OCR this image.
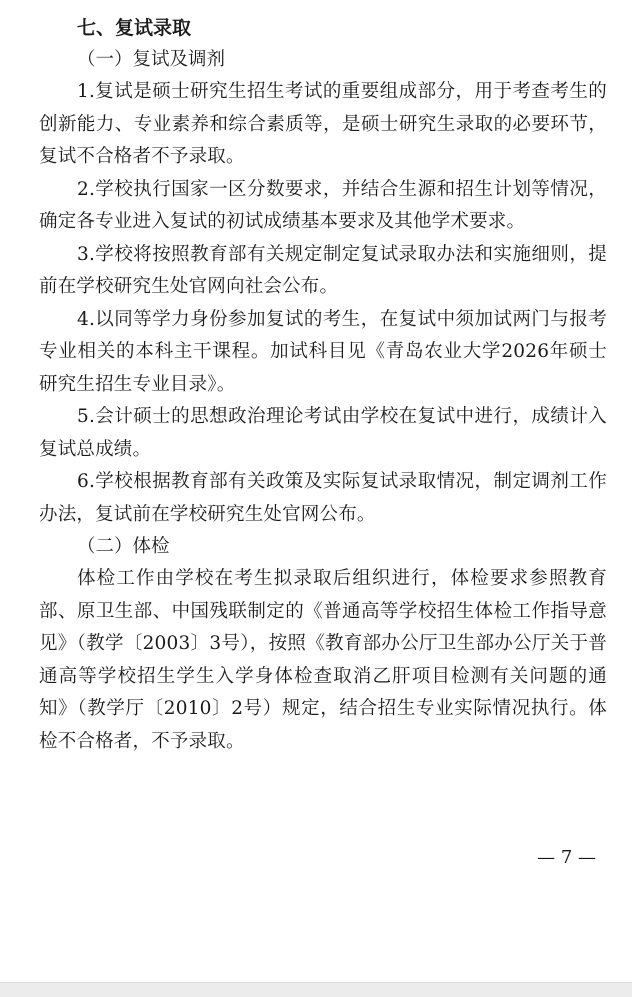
七、复试录取
（一）复试及调剂

1.复试是硕士研究生招生考试的重要组成部分，用于考查考生的创新能力、专业素养和综合素质等，是硕士研究生录取的必要环节，复试不合格者不予录取。

2.学校执行国家一区分数要求，并结合生源和招生计划等情况，确定各专业进入复试的初试成绩基本要求及其他学术要求。

3.学校将按照教育部有关规定制定复试录取办法和实施细则，提前在学校研究生处官网向社会公布。

4.以同等学力身份参加复试的考生，在复试中须加试两门与报考专业相关的本科主干课程。加试科目见《青岛农业大学2026年硕士研究生招生专业目录》。

5.会计硕士的思想政治理论考试由学校在复试中进行，成绩计入复试总成绩。

6.学校根据教育部有关政策及实际复试录取情况，制定调剂工作办法，复试前在学校研究生处官网公布。

（二）体检

体检工作由学校在考生拟录取后组织进行，体检要求参照教育部、原卫生部、中国残联制定的《普通高等学校招生体检工作指导意见》（教学〔2003〕3号），按照《教育部办公厅卫生部办公厅关于普通高等学校招生学生入学身体检查取消乙肝项目检测有关问题的通知》（教学厅〔2010〕2号）规定，结合招生专业实际情况执行。体检不合格者，不予录取。

— 7 —
